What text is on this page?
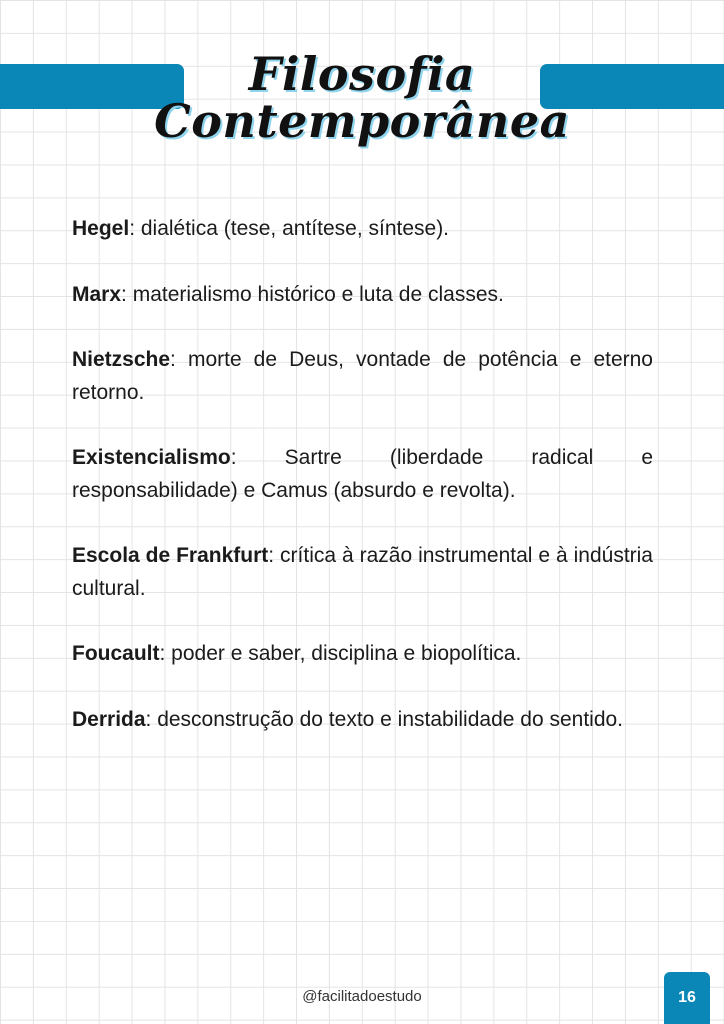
Filosofia
Contemporânea

Hegel: dialética (tese, antítese, síntese).

Marx: materialismo histórico e luta de classes.

Nietzsche: morte de Deus, vontade de potência e eterno retorno.

Existencialismo: Sartre (liberdade radical e responsabilidade) e Camus (absurdo e revolta).

Escola de Frankfurt: crítica à razão instrumental e à indústria cultural.

Foucault: poder e saber, disciplina e biopolítica.

Derrida: desconstrução do texto e instabilidade do sentido.

@facilitadoestudo	16
